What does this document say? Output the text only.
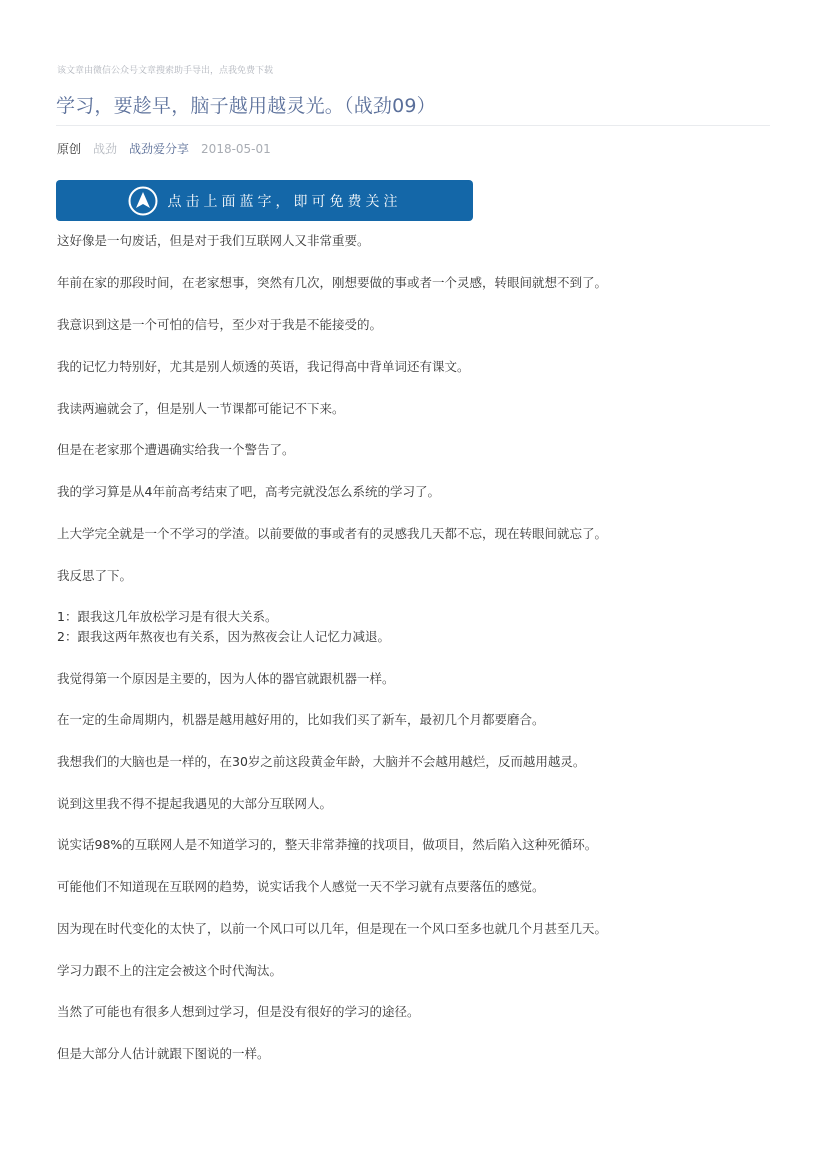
该文章由微信公众号文章搜索助手导出，点我免费下载
学习，要趁早，脑子越用越灵光。（战劲09）
原创 战劲 战劲爱分享 2018-05-01
点击上面蓝字，即可免费关注

这好像是一句废话，但是对于我们互联网人又非常重要。

年前在家的那段时间，在老家想事，突然有几次，刚想要做的事或者一个灵感，转眼间就想不到了。

我意识到这是一个可怕的信号，至少对于我是不能接受的。

我的记忆力特别好，尤其是别人烦透的英语，我记得高中背单词还有课文。

我读两遍就会了，但是别人一节课都可能记不下来。

但是在老家那个遭遇确实给我一个警告了。

我的学习算是从4年前高考结束了吧，高考完就没怎么系统的学习了。

上大学完全就是一个不学习的学渣。以前要做的事或者有的灵感我几天都不忘，现在转眼间就忘了。

我反思了下。

1：跟我这几年放松学习是有很大关系。

2：跟我这两年熬夜也有关系，因为熬夜会让人记忆力减退。

我觉得第一个原因是主要的，因为人体的器官就跟机器一样。

在一定的生命周期内，机器是越用越好用的，比如我们买了新车，最初几个月都要磨合。

我想我们的大脑也是一样的，在30岁之前这段黄金年龄，大脑并不会越用越烂，反而越用越灵。

说到这里我不得不提起我遇见的大部分互联网人。

说实话98%的互联网人是不知道学习的，整天非常莽撞的找项目，做项目，然后陷入这种死循环。

可能他们不知道现在互联网的趋势，说实话我个人感觉一天不学习就有点要落伍的感觉。

因为现在时代变化的太快了，以前一个风口可以几年，但是现在一个风口至多也就几个月甚至几天。

学习力跟不上的注定会被这个时代淘汰。

当然了可能也有很多人想到过学习，但是没有很好的学习的途径。

但是大部分人估计就跟下图说的一样。
